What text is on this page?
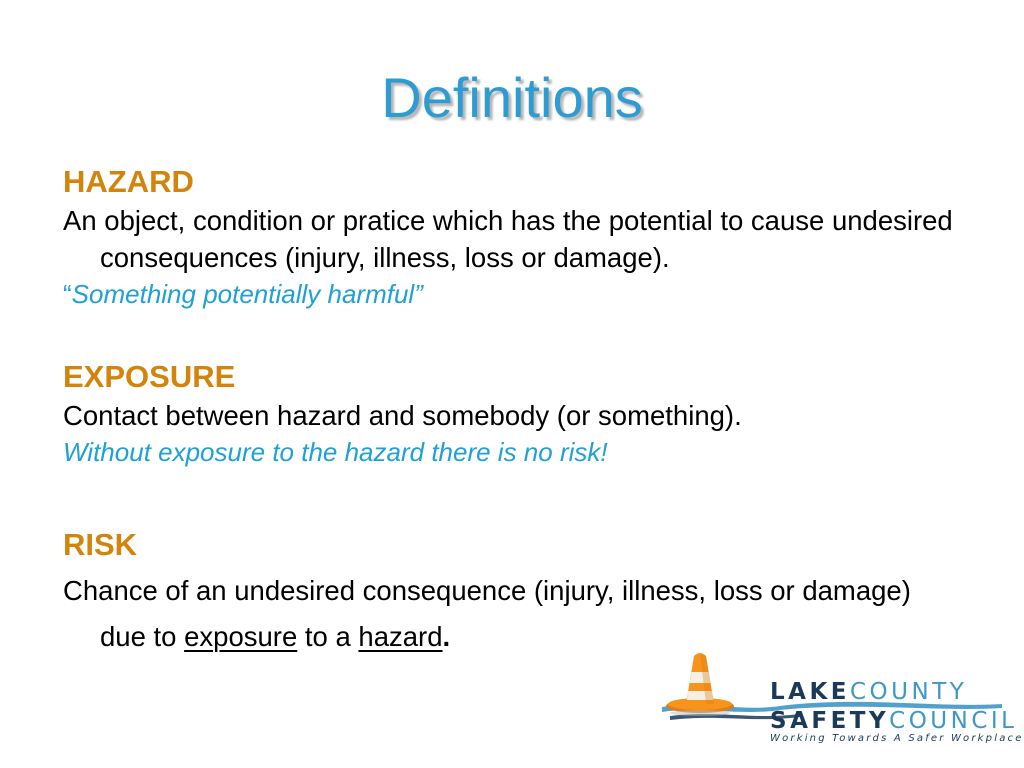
Definitions
HAZARD
An object, condition or pratice which has the potential to cause undesired consequences (injury, illness, loss or damage).
“Something potentially harmful”
EXPOSURE
Contact between hazard and somebody (or something).
Without exposure to the hazard there is no risk!
RISK
Chance of an undesired consequence (injury, illness, loss or damage) due to exposure to a hazard.
LAKECOUNTY
SAFETYCOUNCIL
Working Towards A Safer Workplace
